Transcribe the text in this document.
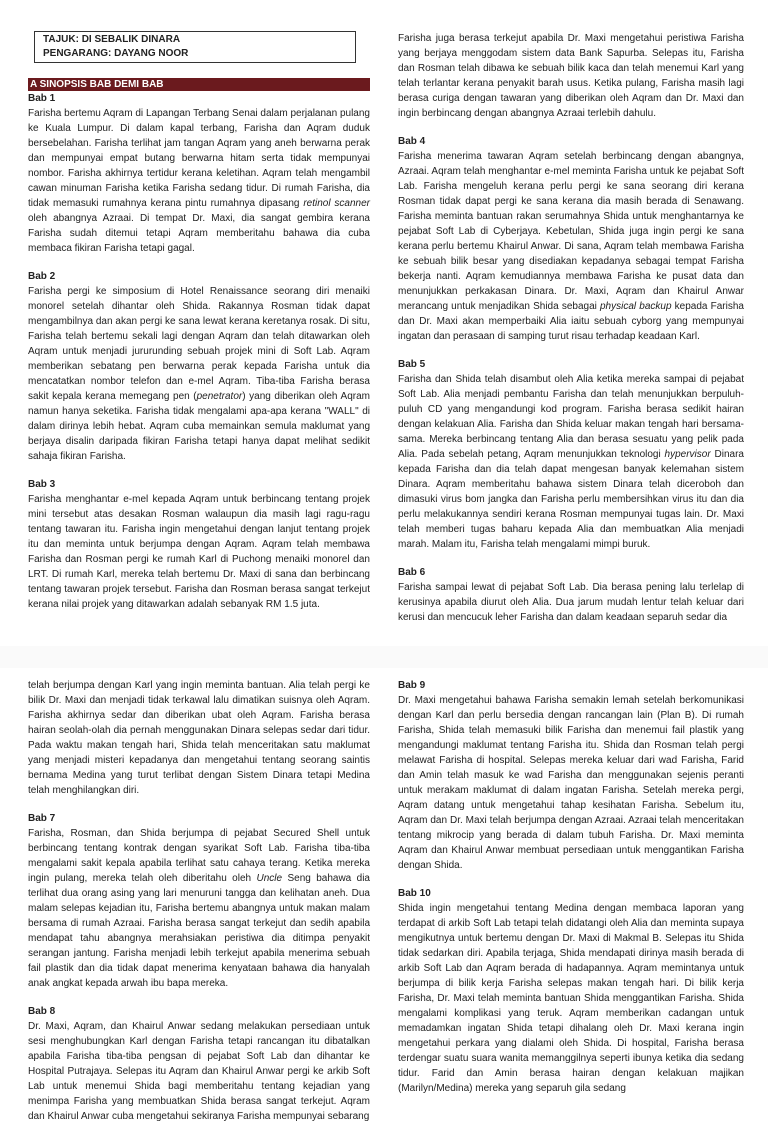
TAJUK: DI SEBALIK DINARA
PENGARANG: DAYANG NOOR
A SINOPSIS BAB DEMI BAB
Bab 1
Farisha bertemu Aqram di Lapangan Terbang Senai dalam perjalanan pulang ke Kuala Lumpur. Di dalam kapal terbang, Farisha dan Aqram duduk bersebelahan. Farisha terlihat jam tangan Aqram yang aneh berwarna perak dan mempunyai empat butang berwarna hitam serta tidak mempunyai nombor. Farisha akhirnya tertidur kerana keletihan. Aqram telah mengambil cawan minuman Farisha ketika Farisha sedang tidur. Di rumah Farisha, dia tidak memasuki rumahnya kerana pintu rumahnya dipasang retinol scanner oleh abangnya Azraai. Di tempat Dr. Maxi, dia sangat gembira kerana Farisha sudah ditemui tetapi Aqram memberitahu bahawa dia cuba membaca fikiran Farisha tetapi gagal.
Bab 2
Farisha pergi ke simposium di Hotel Renaissance seorang diri menaiki monorel setelah dihantar oleh Shida. Rakannya Rosman tidak dapat mengambilnya dan akan pergi ke sana lewat kerana keretanya rosak. Di situ, Farisha telah bertemu sekali lagi dengan Aqram dan telah ditawarkan oleh Aqram untuk menjadi jururunding sebuah projek mini di Soft Lab. Aqram memberikan sebatang pen berwarna perak kepada Farisha untuk dia mencatatkan nombor telefon dan e-mel Aqram. Tiba-tiba Farisha berasa sakit kepala kerana memegang pen (penetrator) yang diberikan oleh Aqram namun hanya seketika. Farisha tidak mengalami apa-apa kerana "WALL" di dalam dirinya lebih hebat. Aqram cuba memainkan semula maklumat yang berjaya disalin daripada fikiran Farisha tetapi hanya dapat melihat sedikit sahaja fikiran Farisha.
Bab 3
Farisha menghantar e-mel kepada Aqram untuk berbincang tentang projek mini tersebut atas desakan Rosman walaupun dia masih lagi ragu-ragu tentang tawaran itu. Farisha ingin mengetahui dengan lanjut tentang projek itu dan meminta untuk berjumpa dengan Aqram. Aqram telah membawa Farisha dan Rosman pergi ke rumah Karl di Puchong menaiki monorel dan LRT. Di rumah Karl, mereka telah bertemu Dr. Maxi di sana dan berbincang tentang tawaran projek tersebut. Farisha dan Rosman berasa sangat terkejut kerana nilai projek yang ditawarkan adalah sebanyak RM 1.5 juta.
Farisha juga berasa terkejut apabila Dr. Maxi mengetahui peristiwa Farisha yang berjaya menggodam sistem data Bank Sapurba. Selepas itu, Farisha dan Rosman telah dibawa ke sebuah bilik kaca dan telah menemui Karl yang telah terlantar kerana penyakit barah usus. Ketika pulang, Farisha masih lagi berasa curiga dengan tawaran yang diberikan oleh Aqram dan Dr. Maxi dan ingin berbincang dengan abangnya Azraai terlebih dahulu.
Bab 4
Farisha menerima tawaran Aqram setelah berbincang dengan abangnya, Azraai. Aqram telah menghantar e-mel meminta Farisha untuk ke pejabat Soft Lab. Farisha mengeluh kerana perlu pergi ke sana seorang diri kerana Rosman tidak dapat pergi ke sana kerana dia masih berada di Senawang. Farisha meminta bantuan rakan serumahnya Shida untuk menghantarnya ke pejabat Soft Lab di Cyberjaya. Kebetulan, Shida juga ingin pergi ke sana kerana perlu bertemu Khairul Anwar. Di sana, Aqram telah membawa Farisha ke sebuah bilik besar yang disediakan kepadanya sebagai tempat Farisha bekerja nanti. Aqram kemudiannya membawa Farisha ke pusat data dan menunjukkan perkakasan Dinara. Dr. Maxi, Aqram dan Khairul Anwar merancang untuk menjadikan Shida sebagai physical backup kepada Farisha dan Dr. Maxi akan memperbaiki Alia iaitu sebuah cyborg yang mempunyai ingatan dan perasaan di samping turut risau terhadap keadaan Karl.
Bab 5
Farisha dan Shida telah disambut oleh Alia ketika mereka sampai di pejabat Soft Lab. Alia menjadi pembantu Farisha dan telah menunjukkan berpuluh-puluh CD yang mengandungi kod program. Farisha berasa sedikit hairan dengan kelakuan Alia. Farisha dan Shida keluar makan tengah hari bersama-sama. Mereka berbincang tentang Alia dan berasa sesuatu yang pelik pada Alia. Pada sebelah petang, Aqram menunjukkan teknologi hypervisor Dinara kepada Farisha dan dia telah dapat mengesan banyak kelemahan sistem Dinara. Aqram memberitahu bahawa sistem Dinara telah diceroboh dan dimasuki virus bom jangka dan Farisha perlu membersihkan virus itu dan dia perlu melakukannya sendiri kerana Rosman mempunyai tugas lain. Dr. Maxi telah memberi tugas baharu kepada Alia dan membuatkan Alia menjadi marah. Malam itu, Farisha telah mengalami mimpi buruk.
Bab 6
Farisha sampai lewat di pejabat Soft Lab. Dia berasa pening lalu terlelap di kerusinya apabila diurut oleh Alia. Dua jarum mudah lentur telah keluar dari kerusi dan mencucuk leher Farisha dan dalam keadaan separuh sedar dia
telah berjumpa dengan Karl yang ingin meminta bantuan. Alia telah pergi ke bilik Dr. Maxi dan menjadi tidak terkawal lalu dimatikan suisnya oleh Aqram. Farisha akhirnya sedar dan diberikan ubat oleh Aqram. Farisha berasa hairan seolah-olah dia pernah menggunakan Dinara selepas sedar dari tidur. Pada waktu makan tengah hari, Shida telah menceritakan satu maklumat yang menjadi misteri kepadanya dan mengetahui tentang seorang saintis bernama Medina yang turut terlibat dengan Sistem Dinara tetapi Medina telah menghilangkan diri.
Bab 7
Farisha, Rosman, dan Shida berjumpa di pejabat Secured Shell untuk berbincang tentang kontrak dengan syarikat Soft Lab. Farisha tiba-tiba mengalami sakit kepala apabila terlihat satu cahaya terang. Ketika mereka ingin pulang, mereka telah oleh diberitahu oleh Uncle Seng bahawa dia terlihat dua orang asing yang lari menuruni tangga dan kelihatan aneh. Dua malam selepas kejadian itu, Farisha bertemu abangnya untuk makan malam bersama di rumah Azraai. Farisha berasa sangat terkejut dan sedih apabila mendapat tahu abangnya merahsiakan peristiwa dia ditimpa penyakit serangan jantung. Farisha menjadi lebih terkejut apabila menerima sebuah fail plastik dan dia tidak dapat menerima kenyataan bahawa dia hanyalah anak angkat kepada arwah ibu bapa mereka.
Bab 8
Dr. Maxi, Aqram, dan Khairul Anwar sedang melakukan persediaan untuk sesi menghubungkan Karl dengan Farisha tetapi rancangan itu dibatalkan apabila Farisha tiba-tiba pengsan di pejabat Soft Lab dan dihantar ke Hospital Putrajaya. Selepas itu Aqram dan Khairul Anwar pergi ke arkib Soft Lab untuk menemui Shida bagi memberitahu tentang kejadian yang menimpa Farisha yang membuatkan Shida berasa sangat terkejut. Aqram dan Khairul Anwar cuba mengetahui sekiranya Farisha mempunyai sebarang
Bab 9
Dr. Maxi mengetahui bahawa Farisha semakin lemah setelah berkomunikasi dengan Karl dan perlu bersedia dengan rancangan lain (Plan B). Di rumah Farisha, Shida telah memasuki bilik Farisha dan menemui fail plastik yang mengandungi maklumat tentang Farisha itu. Shida dan Rosman telah pergi melawat Farisha di hospital. Selepas mereka keluar dari wad Farisha, Farid dan Amin telah masuk ke wad Farisha dan menggunakan sejenis peranti untuk merakam maklumat di dalam ingatan Farisha. Setelah mereka pergi, Aqram datang untuk mengetahui tahap kesihatan Farisha. Sebelum itu, Aqram dan Dr. Maxi telah berjumpa dengan Azraai. Azraai telah menceritakan tentang mikrocip yang berada di dalam tubuh Farisha. Dr. Maxi meminta Aqram dan Khairul Anwar membuat persediaan untuk menggantikan Farisha dengan Shida.
Bab 10
Shida ingin mengetahui tentang Medina dengan membaca laporan yang terdapat di arkib Soft Lab tetapi telah didatangi oleh Alia dan meminta supaya mengikutnya untuk bertemu dengan Dr. Maxi di Makmal B. Selepas itu Shida tidak sedarkan diri. Apabila terjaga, Shida mendapati dirinya masih berada di arkib Soft Lab dan Aqram berada di hadapannya. Aqram memintanya untuk berjumpa di bilik kerja Farisha selepas makan tengah hari. Di bilik kerja Farisha, Dr. Maxi telah meminta bantuan Shida menggantikan Farisha. Shida mengalami komplikasi yang teruk. Aqram memberikan cadangan untuk memadamkan ingatan Shida tetapi dihalang oleh Dr. Maxi kerana ingin mengetahui perkara yang dialami oleh Shida. Di hospital, Farisha berasa terdengar suatu suara wanita memanggilnya seperti ibunya ketika dia sedang tidur. Farid dan Amin berasa hairan dengan kelakuan majikan (Marilyn/Medina) mereka yang separuh gila sedang
